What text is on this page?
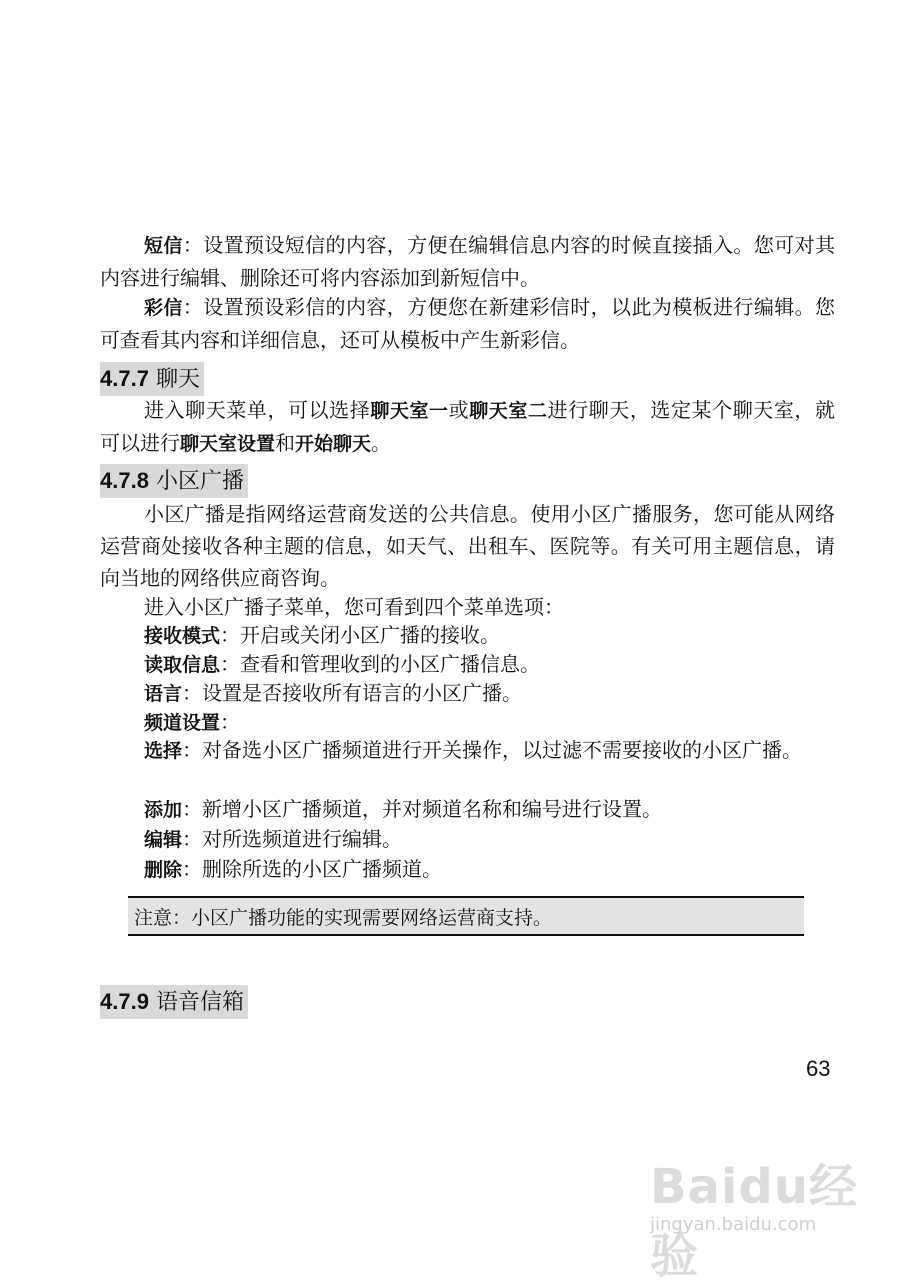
短信：设置预设短信的内容，方便在编辑信息内容的时候直接插入。您可对其内容进行编辑、删除还可将内容添加到新短信中。

彩信：设置预设彩信的内容，方便您在新建彩信时，以此为模板进行编辑。您可查看其内容和详细信息，还可从模板中产生新彩信。

4.7.7 聊天

进入聊天菜单，可以选择聊天室一或聊天室二进行聊天，选定某个聊天室，就可以进行聊天室设置和开始聊天。

4.7.8 小区广播

小区广播是指网络运营商发送的公共信息。使用小区广播服务，您可能从网络运营商处接收各种主题的信息，如天气、出租车、医院等。有关可用主题信息，请向当地的网络供应商咨询。

进入小区广播子菜单，您可看到四个菜单选项：

接收模式：开启或关闭小区广播的接收。

读取信息：查看和管理收到的小区广播信息。

语言：设置是否接收所有语言的小区广播。

频道设置：

选择：对备选小区广播频道进行开关操作，以过滤不需要接收的小区广播。

添加：新增小区广播频道，并对频道名称和编号进行设置。

编辑：对所选频道进行编辑。

删除：删除所选的小区广播频道。

注意：小区广播功能的实现需要网络运营商支持。
4.7.9 语音信箱
63
Baidu经验
jingyan.baidu.com
